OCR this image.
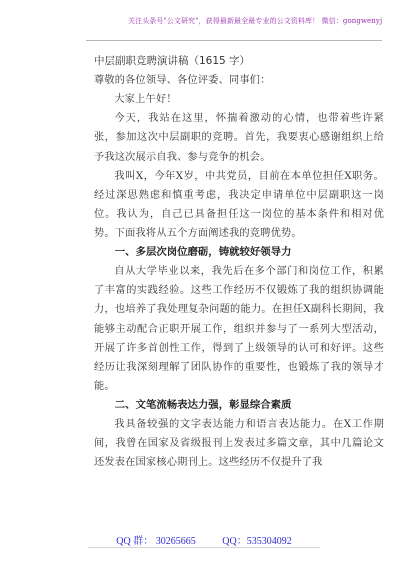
关注头条号"公文研究"，获得最新最全最专业的公文资料库！ 微信：gongwenyj

中层副职竞聘演讲稿（1615 字）

尊敬的各位领导、各位评委、同事们：

大家上午好！

今天，我站在这里，怀揣着激动的心情，也带着些许紧张，参加这次中层副职的竞聘。首先，我要衷心感谢组织上给予我这次展示自我、参与竞争的机会。

我叫X，今年X岁，中共党员，目前在本单位担任X职务。经过深思熟虑和慎重考虑，我决定申请单位中层副职这一岗位。我认为，自己已具备担任这一岗位的基本条件和相对优势。下面我将从五个方面阐述我的竞聘优势。

一、多层次岗位磨砺，铸就较好领导力

自从大学毕业以来，我先后在多个部门和岗位工作，积累了丰富的实践经验。这些工作经历不仅锻炼了我的组织协调能力，也培养了我处理复杂问题的能力。在担任X副科长期间，我能够主动配合正职开展工作，组织并参与了一系列大型活动，开展了许多首创性工作，得到了上级领导的认可和好评。这些经历让我深刻理解了团队协作的重要性，也锻炼了我的领导才能。

二、文笔流畅表达力强，彰显综合素质

我具备较强的文字表达能力和语言表达能力。在X工作期间，我曾在国家及省级报刊上发表过多篇文章，其中几篇论文还发表在国家核心期刊上。这些经历不仅提升了我

QQ 群： 30265665	QQ：535304092
